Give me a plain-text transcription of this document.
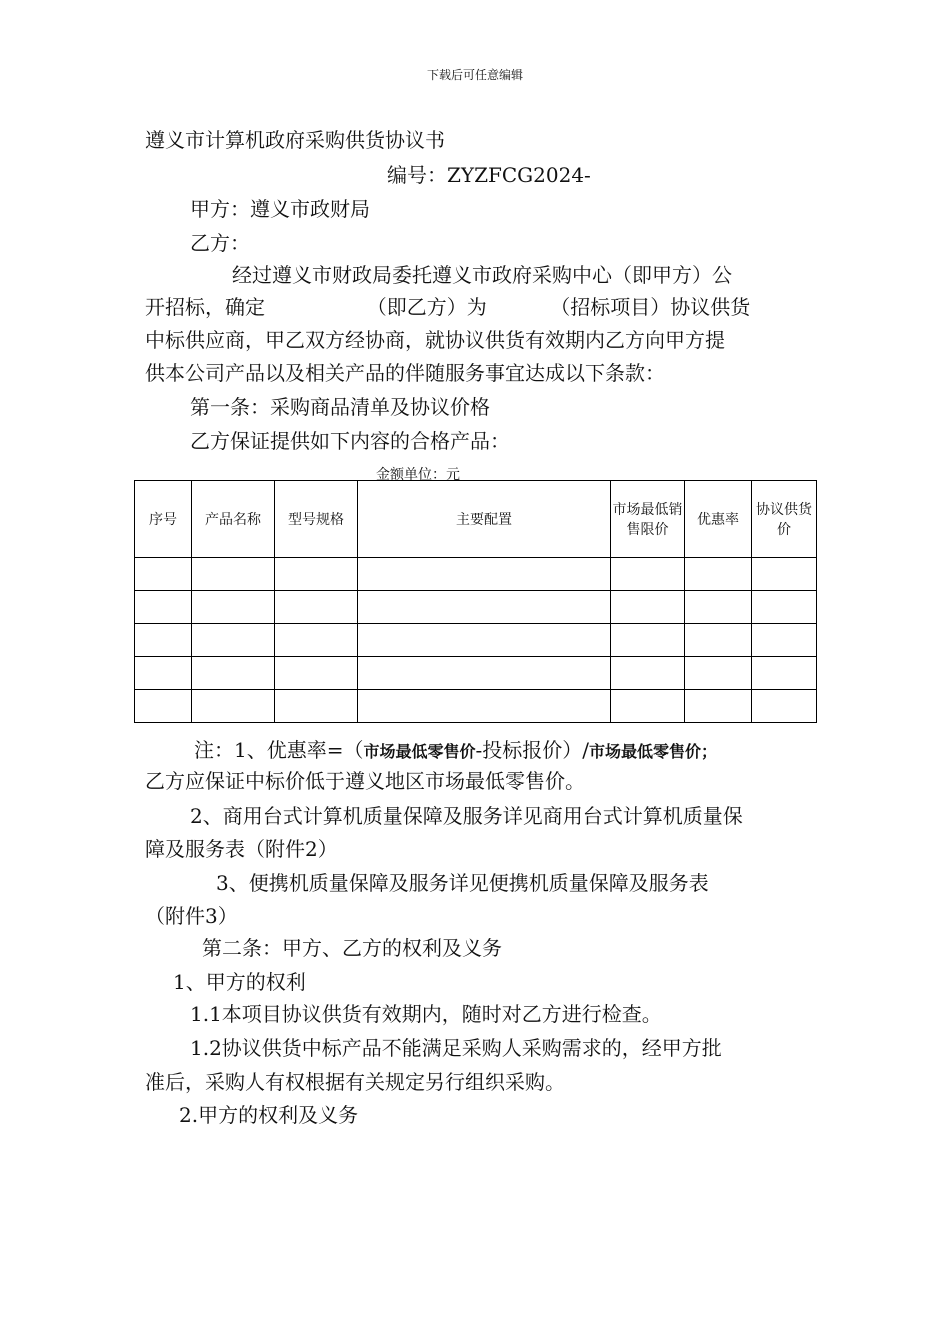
下载后可任意编辑
遵义市计算机政府采购供货协议书
编号：ZYZFCG2024-
甲方：遵义市政财局
乙方：
经过遵义市财政局委托遵义市政府采购中心（即甲方）公
开招标，确定                （即乙方）为          （招标项目）协议供货
中标供应商，甲乙双方经协商，就协议供货有效期内乙方向甲方提
供本公司产品以及相关产品的伴随服务事宜达成以下条款：
第一条：采购商品清单及协议价格
乙方保证提供如下内容的合格产品：
金额单位：元
序号	产品名称	型号规格	主要配置	市场最低销售限价	优惠率	协议供货价

注：1、优惠率=（市场最低零售价-投标报价）/市场最低零售价；
乙方应保证中标价低于遵义地区市场最低零售价。
2、商用台式计算机质量保障及服务详见商用台式计算机质量保
障及服务表（附件2）
3、便携机质量保障及服务详见便携机质量保障及服务表
（附件3）
第二条：甲方、乙方的权利及义务
1、甲方的权利
1.1本项目协议供货有效期内，随时对乙方进行检查。
1.2协议供货中标产品不能满足采购人采购需求的，经甲方批
准后，采购人有权根据有关规定另行组织采购。
2.甲方的权利及义务
